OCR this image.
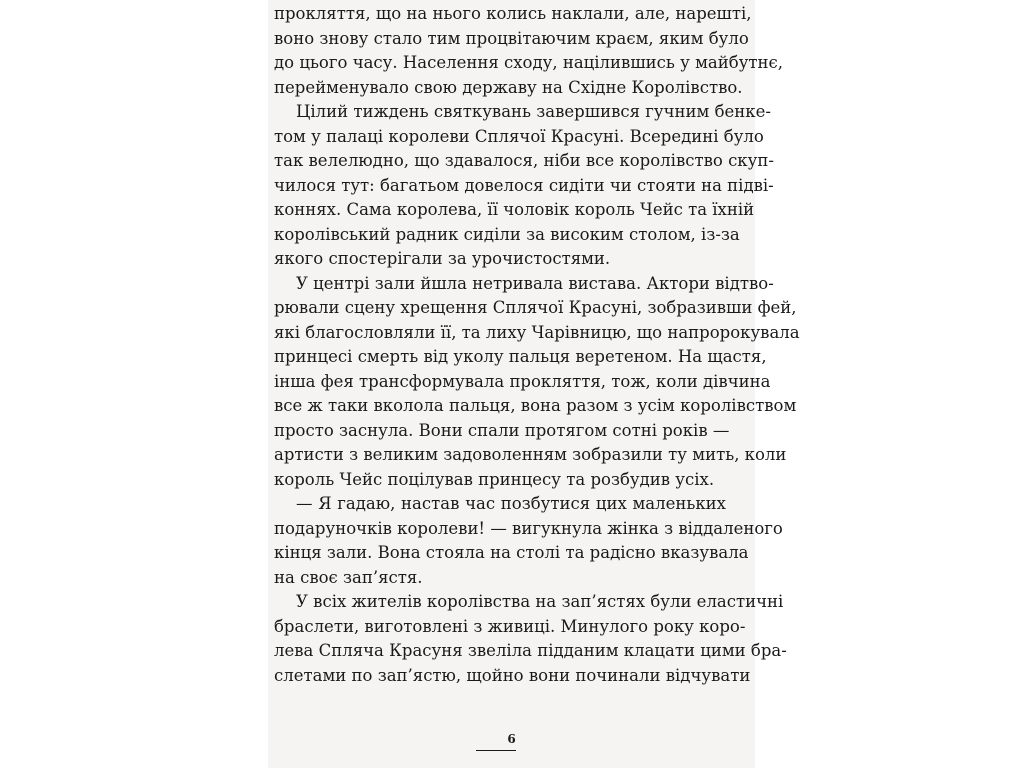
прокляття, що на нього колись наклали, але, нарешті,
воно знову стало тим процвітаючим краєм, яким було
до цього часу. Населення сходу, націлившись у майбутнє,
перейменувало свою державу на Східне Королівство.
Цілий тиждень святкувань завершився гучним бенке-
том у палаці королеви Сплячої Красуні. Всередині було
так велелюдно, що здавалося, ніби все королівство скуп-
чилося тут: багатьом довелося сидіти чи стояти на підві-
коннях. Сама королева, її чоловік король Чейс та їхній
королівський радник сиділи за високим столом, із-за
якого спостерігали за урочистостями.
У центрі зали йшла нетривала вистава. Актори відтво-
рювали сцену хрещення Сплячої Красуні, зобразивши фей,
які благословляли її, та лиху Чарівницю, що напророкувала
принцесі смерть від уколу пальця веретеном. На щастя,
інша фея трансформувала прокляття, тож, коли дівчина
все ж таки вколола пальця, вона разом з усім королівством
просто заснула. Вони спали протягом сотні років —
артисти з великим задоволенням зобразили ту мить, коли
король Чейс поцілував принцесу та розбудив усіх.
— Я гадаю, настав час позбутися цих маленьких
подаруночків королеви! — вигукнула жінка з віддаленого
кінця зали. Вона стояла на столі та радісно вказувала
на своє зап’ястя.
У всіх жителів королівства на зап’ястях були еластичні
браслети, виготовлені з живиці. Минулого року коро-
лева Спляча Красуня звеліла підданим клацати цими бра-
слетами по зап’ястю, щойно вони починали відчувати
6
